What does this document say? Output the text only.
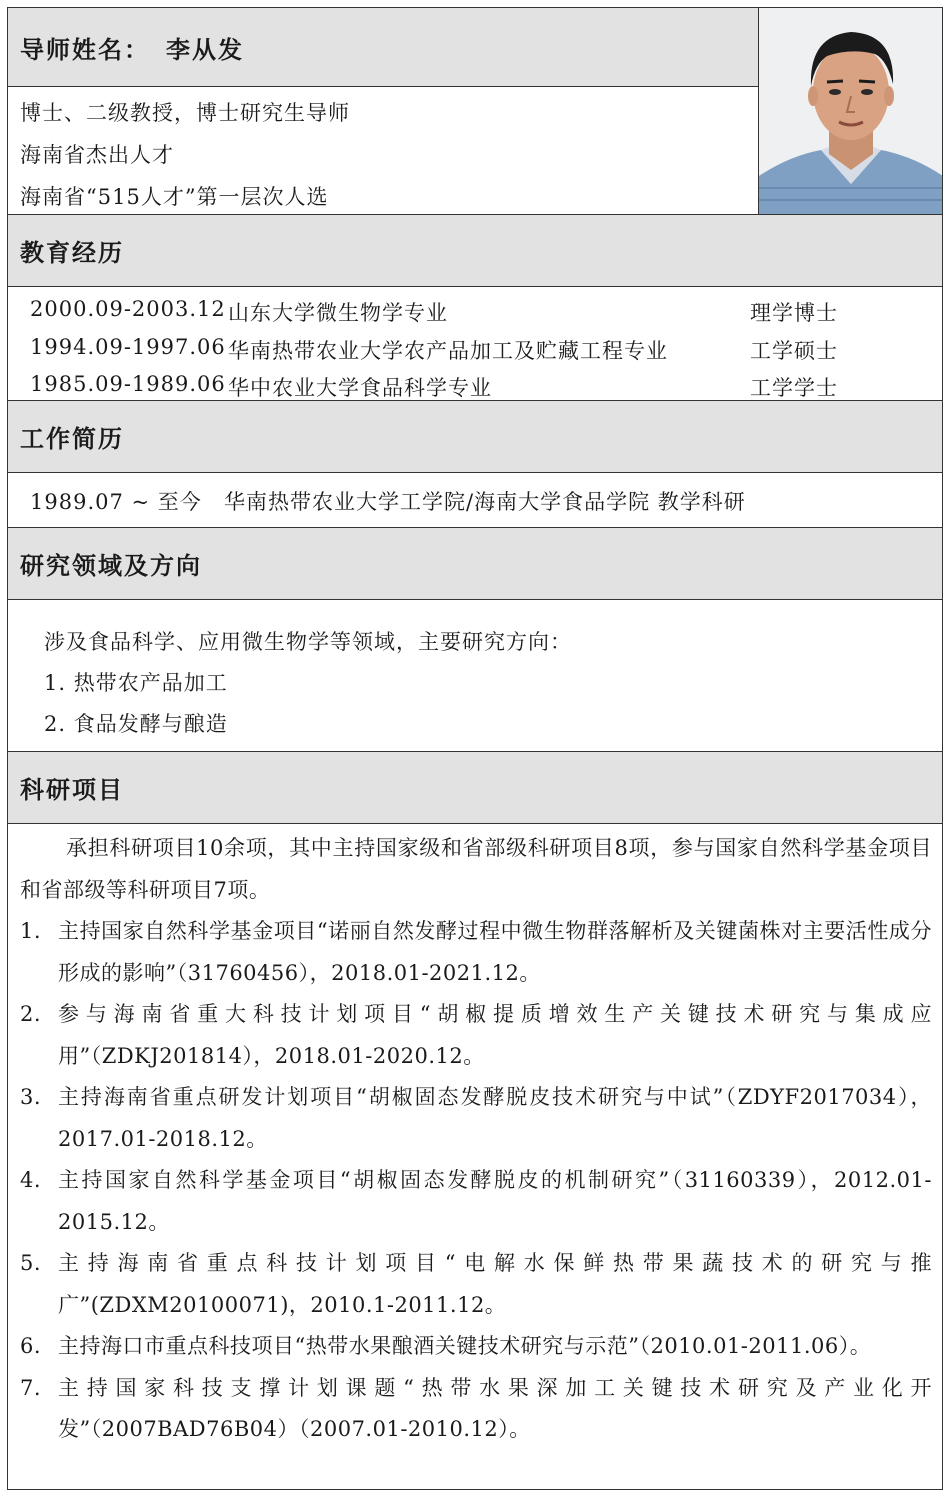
导师姓名： 李从发
博士、二级教授，博士研究生导师
海南省杰出人才
海南省“515人才”第一层次人选
教育经历
2000.09-2003.12 山东大学微生物学专业	理学博士
1994.09-1997.06 华南热带农业大学农产品加工及贮藏工程专业	工学硕士
1985.09-1989.06 华中农业大学食品科学专业	工学学士
工作简历
1989.07 ~ 至今 华南热带农业大学工学院/海南大学食品学院 教学科研
研究领域及方向
涉及食品科学、应用微生物学等领域，主要研究方向：
1. 热带农产品加工
2. 食品发酵与酿造
科研项目

承担科研项目10余项，其中主持国家级和省部级科研项目8项，参与国家自然科学基金项目和省部级等科研项目7项。

1. 主持国家自然科学基金项目“诺丽自然发酵过程中微生物群落解析及关键菌株对主要活性成分形成的影响”（31760456），2018.01-2021.12。
2. 参与海南省重大科技计划项目“胡椒提质增效生产关键技术研究与集成应用”（ZDKJ201814），2018.01-2020.12。
3. 主持海南省重点研发计划项目“胡椒固态发酵脱皮技术研究与中试”（ZDYF2017034），2017.01-2018.12。
4. 主持国家自然科学基金项目“胡椒固态发酵脱皮的机制研究”（31160339），2012.01-2015.12。
5. 主持海南省重点科技计划项目“电解水保鲜热带果蔬技术的研究与推广”(ZDXM20100071)，2010.1-2011.12。
6. 主持海口市重点科技项目“热带水果酿酒关键技术研究与示范”（2010.01-2011.06）。
7. 主持国家科技支撑计划课题“热带水果深加工关键技术研究及产业化开发”（2007BAD76B04）（2007.01-2010.12）。
